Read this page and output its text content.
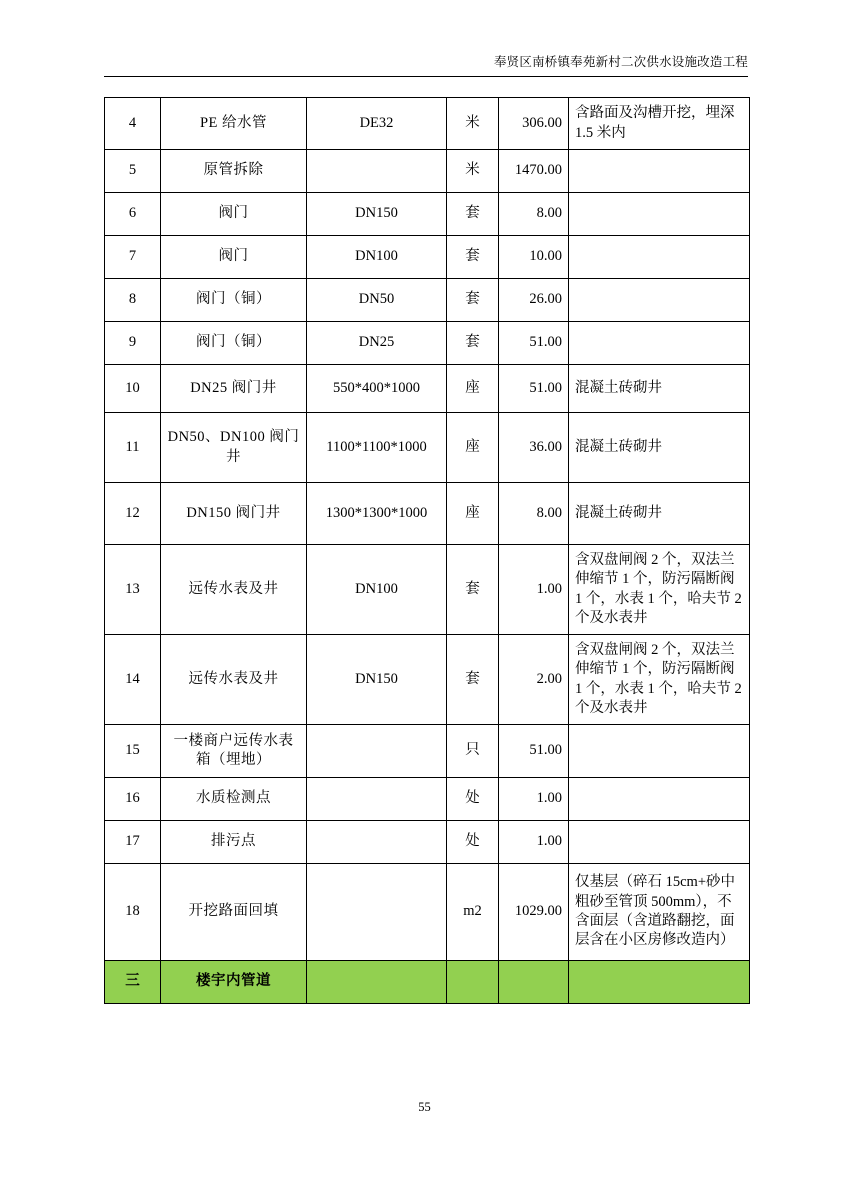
奉贤区南桥镇奉苑新村二次供水设施改造工程
4	PE 给水管	DE32	米	306.00	含路面及沟槽开挖，埋深 1.5 米内
5	原管拆除		米	1470.00	
6	阀门	DN150	套	8.00	
7	阀门	DN100	套	10.00	
8	阀门（铜）	DN50	套	26.00	
9	阀门（铜）	DN25	套	51.00	
10	DN25 阀门井	550*400*1000	座	51.00	混凝土砖砌井
11	DN50、DN100 阀门井	1100*1100*1000	座	36.00	混凝土砖砌井
12	DN150 阀门井	1300*1300*1000	座	8.00	混凝土砖砌井
13	远传水表及井	DN100	套	1.00	含双盘闸阀 2 个，双法兰伸缩节 1 个，防污隔断阀 1 个，水表 1 个，哈夫节 2 个及水表井
14	远传水表及井	DN150	套	2.00	含双盘闸阀 2 个，双法兰伸缩节 1 个，防污隔断阀 1 个，水表 1 个，哈夫节 2 个及水表井
15	一楼商户远传水表箱（埋地）		只	51.00	
16	水质检测点		处	1.00	
17	排污点		处	1.00	
18	开挖路面回填		m2	1029.00	仅基层（碎石 15cm+砂中粗砂至管顶 500mm），不含面层（含道路翻挖，面层含在小区房修改造内）
三	楼宇内管道				
55
